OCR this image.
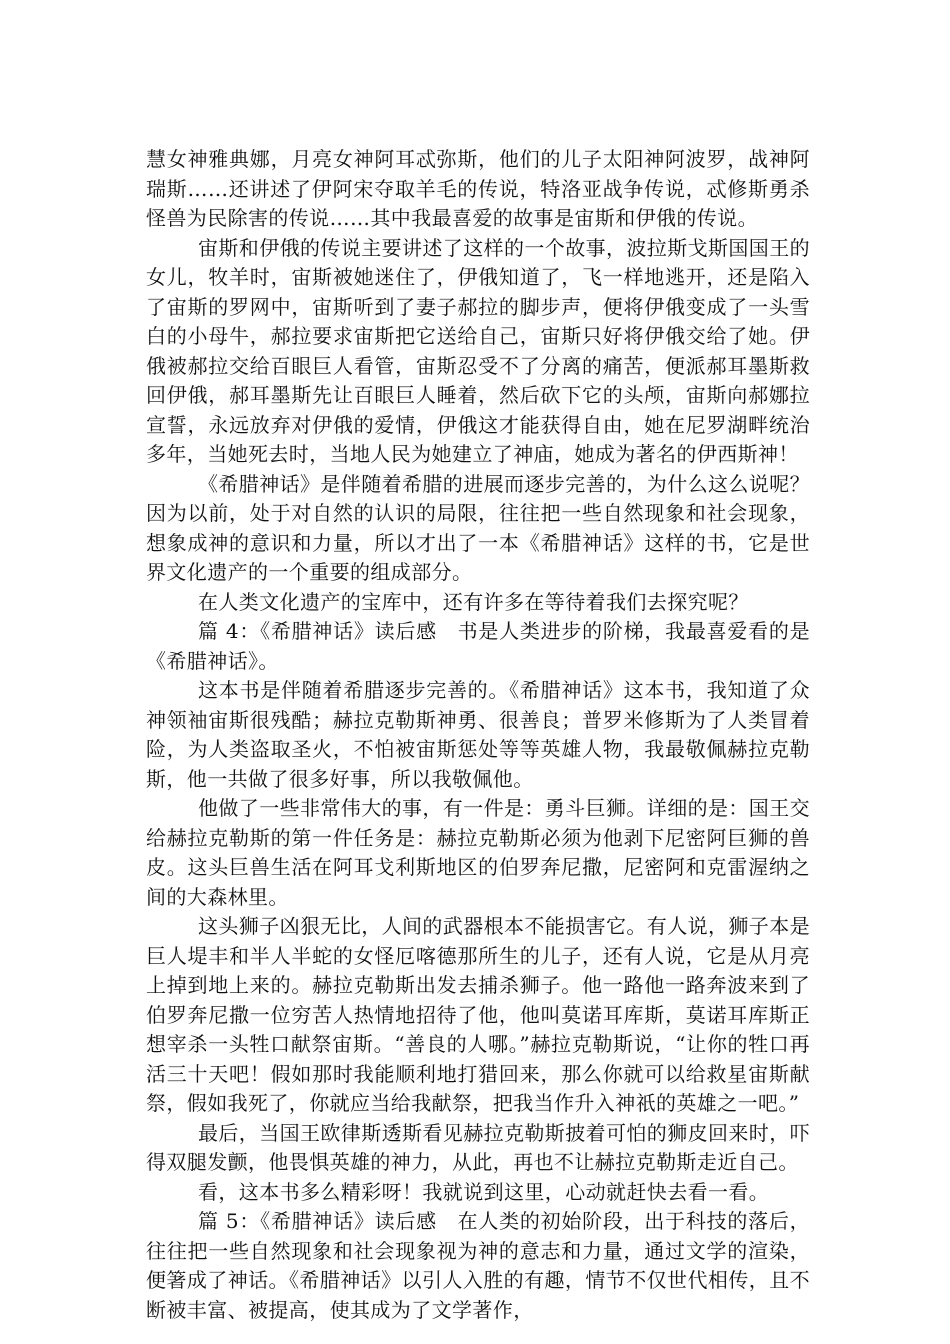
慧女神雅典娜，月亮女神阿耳忒弥斯，他们的儿子太阳神阿波罗，战神阿瑞斯……还讲述了伊阿宋夺取羊毛的传说，特洛亚战争传说，忒修斯勇杀怪兽为民除害的传说……其中我最喜爱的故事是宙斯和伊俄的传说。

宙斯和伊俄的传说主要讲述了这样的一个故事，波拉斯戈斯国国王的女儿，牧羊时，宙斯被她迷住了，伊俄知道了，飞一样地逃开，还是陷入了宙斯的罗网中，宙斯听到了妻子郝拉的脚步声，便将伊俄变成了一头雪白的小母牛，郝拉要求宙斯把它送给自己，宙斯只好将伊俄交给了她。伊俄被郝拉交给百眼巨人看管，宙斯忍受不了分离的痛苦，便派郝耳墨斯救回伊俄，郝耳墨斯先让百眼巨人睡着，然后砍下它的头颅，宙斯向郝娜拉宣誓，永远放弃对伊俄的爱情，伊俄这才能获得自由，她在尼罗湖畔统治多年，当她死去时，当地人民为她建立了神庙，她成为著名的伊西斯神！

《希腊神话》是伴随着希腊的进展而逐步完善的，为什么这么说呢？因为以前，处于对自然的认识的局限，往往把一些自然现象和社会现象，想象成神的意识和力量，所以才出了一本《希腊神话》这样的书，它是世界文化遗产的一个重要的组成部分。

在人类文化遗产的宝库中，还有许多在等待着我们去探究呢？

篇 4：《希腊神话》读后感　书是人类进步的阶梯，我最喜爱看的是《希腊神话》。

这本书是伴随着希腊逐步完善的。《希腊神话》这本书，我知道了众神领袖宙斯很残酷；赫拉克勒斯神勇、很善良；普罗米修斯为了人类冒着险，为人类盗取圣火，不怕被宙斯惩处等等英雄人物，我最敬佩赫拉克勒斯，他一共做了很多好事，所以我敬佩他。

他做了一些非常伟大的事，有一件是：勇斗巨狮。详细的是：国王交给赫拉克勒斯的第一件任务是：赫拉克勒斯必须为他剥下尼密阿巨狮的兽皮。这头巨兽生活在阿耳戈利斯地区的伯罗奔尼撒，尼密阿和克雷渥纳之间的大森林里。

这头狮子凶狠无比，人间的武器根本不能损害它。有人说，狮子本是巨人堤丰和半人半蛇的女怪厄喀德那所生的儿子，还有人说，它是从月亮上掉到地上来的。赫拉克勒斯出发去捕杀狮子。他一路他一路奔波来到了伯罗奔尼撒一位穷苦人热情地招待了他，他叫莫诺耳库斯，莫诺耳库斯正想宰杀一头牲口献祭宙斯。“善良的人哪。”赫拉克勒斯说，“让你的牲口再活三十天吧！假如那时我能顺利地打猎回来，那么你就可以给救星宙斯献祭，假如我死了，你就应当给我献祭，把我当作升入神祇的英雄之一吧。”

最后，当国王欧律斯透斯看见赫拉克勒斯披着可怕的狮皮回来时，吓得双腿发颤，他畏惧英雄的神力，从此，再也不让赫拉克勒斯走近自己。

看，这本书多么精彩呀！我就说到这里，心动就赶快去看一看。

篇 5：《希腊神话》读后感　在人类的初始阶段，出于科技的落后，往往把一些自然现象和社会现象视为神的意志和力量，通过文学的渲染，便箸成了神话。《希腊神话》以引人入胜的有趣，情节不仅世代相传，且不断被丰富、被提高，使其成为了文学著作，
